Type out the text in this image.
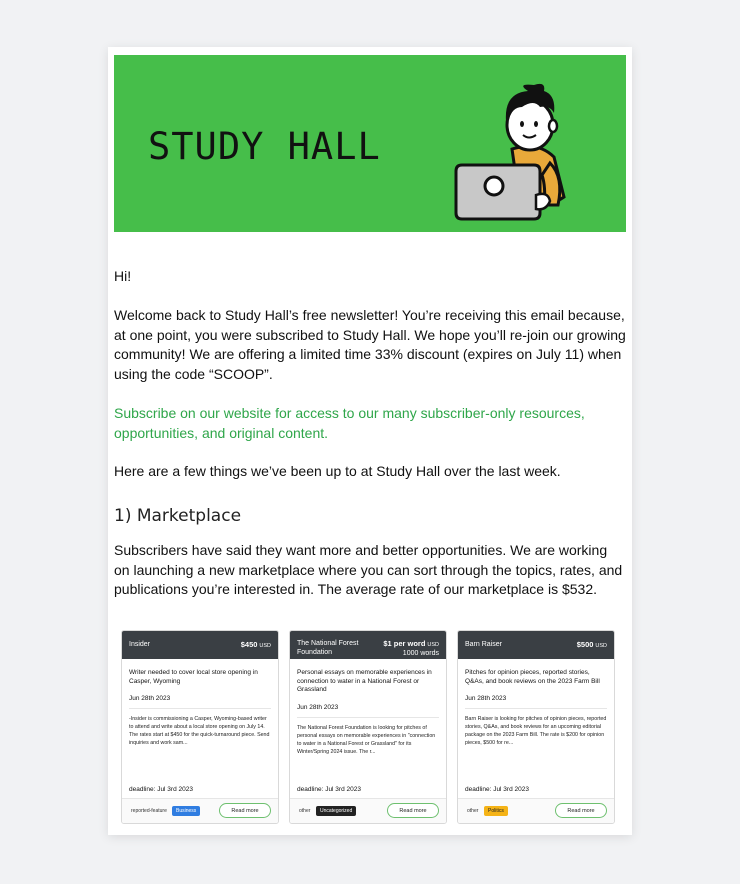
STUDY HALL
Hi!
Welcome back to Study Hall’s free newsletter! You’re receiving this email because, at one point, you were subscribed to Study Hall. We hope you’ll re-join our growing community! We are offering a limited time 33% discount (expires on July 11) when using the code “SCOOP”.
Subscribe on our website for access to our many subscriber-only resources, opportunities, and original content.
Here are a few things we’ve been up to at Study Hall over the last week.
1) Marketplace
Subscribers have said they want more and better opportunities. We are working on launching a new marketplace where you can sort through the topics, rates, and publications you’re interested in. The average rate of our marketplace is $532.
Insider	$450 USD
Writer needed to cover local store opening in Casper, Wyoming
Jun 28th 2023
-Insider is commissioning a Casper, Wyoming-based writer to attend and write about a local store opening on July 14. The rates start at $450 for the quick-turnaround piece. Send inquiries and work sam...
deadline: Jul 3rd 2023
reported-feature	Business	Read more
The National Forest Foundation
$1 per word USD
1000 words
Personal essays on memorable experiences in connection to water in a National Forest or Grassland
Jun 28th 2023
The National Forest Foundation is looking for pitches of personal essays on memorable experiences in "connection to water in a National Forest or Grassland" for its Winter/Spring 2024 issue. The r...
deadline: Jul 3rd 2023
other	Uncategorized	Read more
Barn Raiser	$500 USD
Pitches for opinion pieces, reported stories, Q&As, and book reviews on the 2023 Farm Bill
Jun 28th 2023
Barn Raiser is looking for pitches of opinion pieces, reported stories, Q&As, and book reviews for an upcoming editorial package on the 2023 Farm Bill. The rate is $200 for opinion pieces, $500 for re...
deadline: Jul 3rd 2023
other	Politics	Read more
